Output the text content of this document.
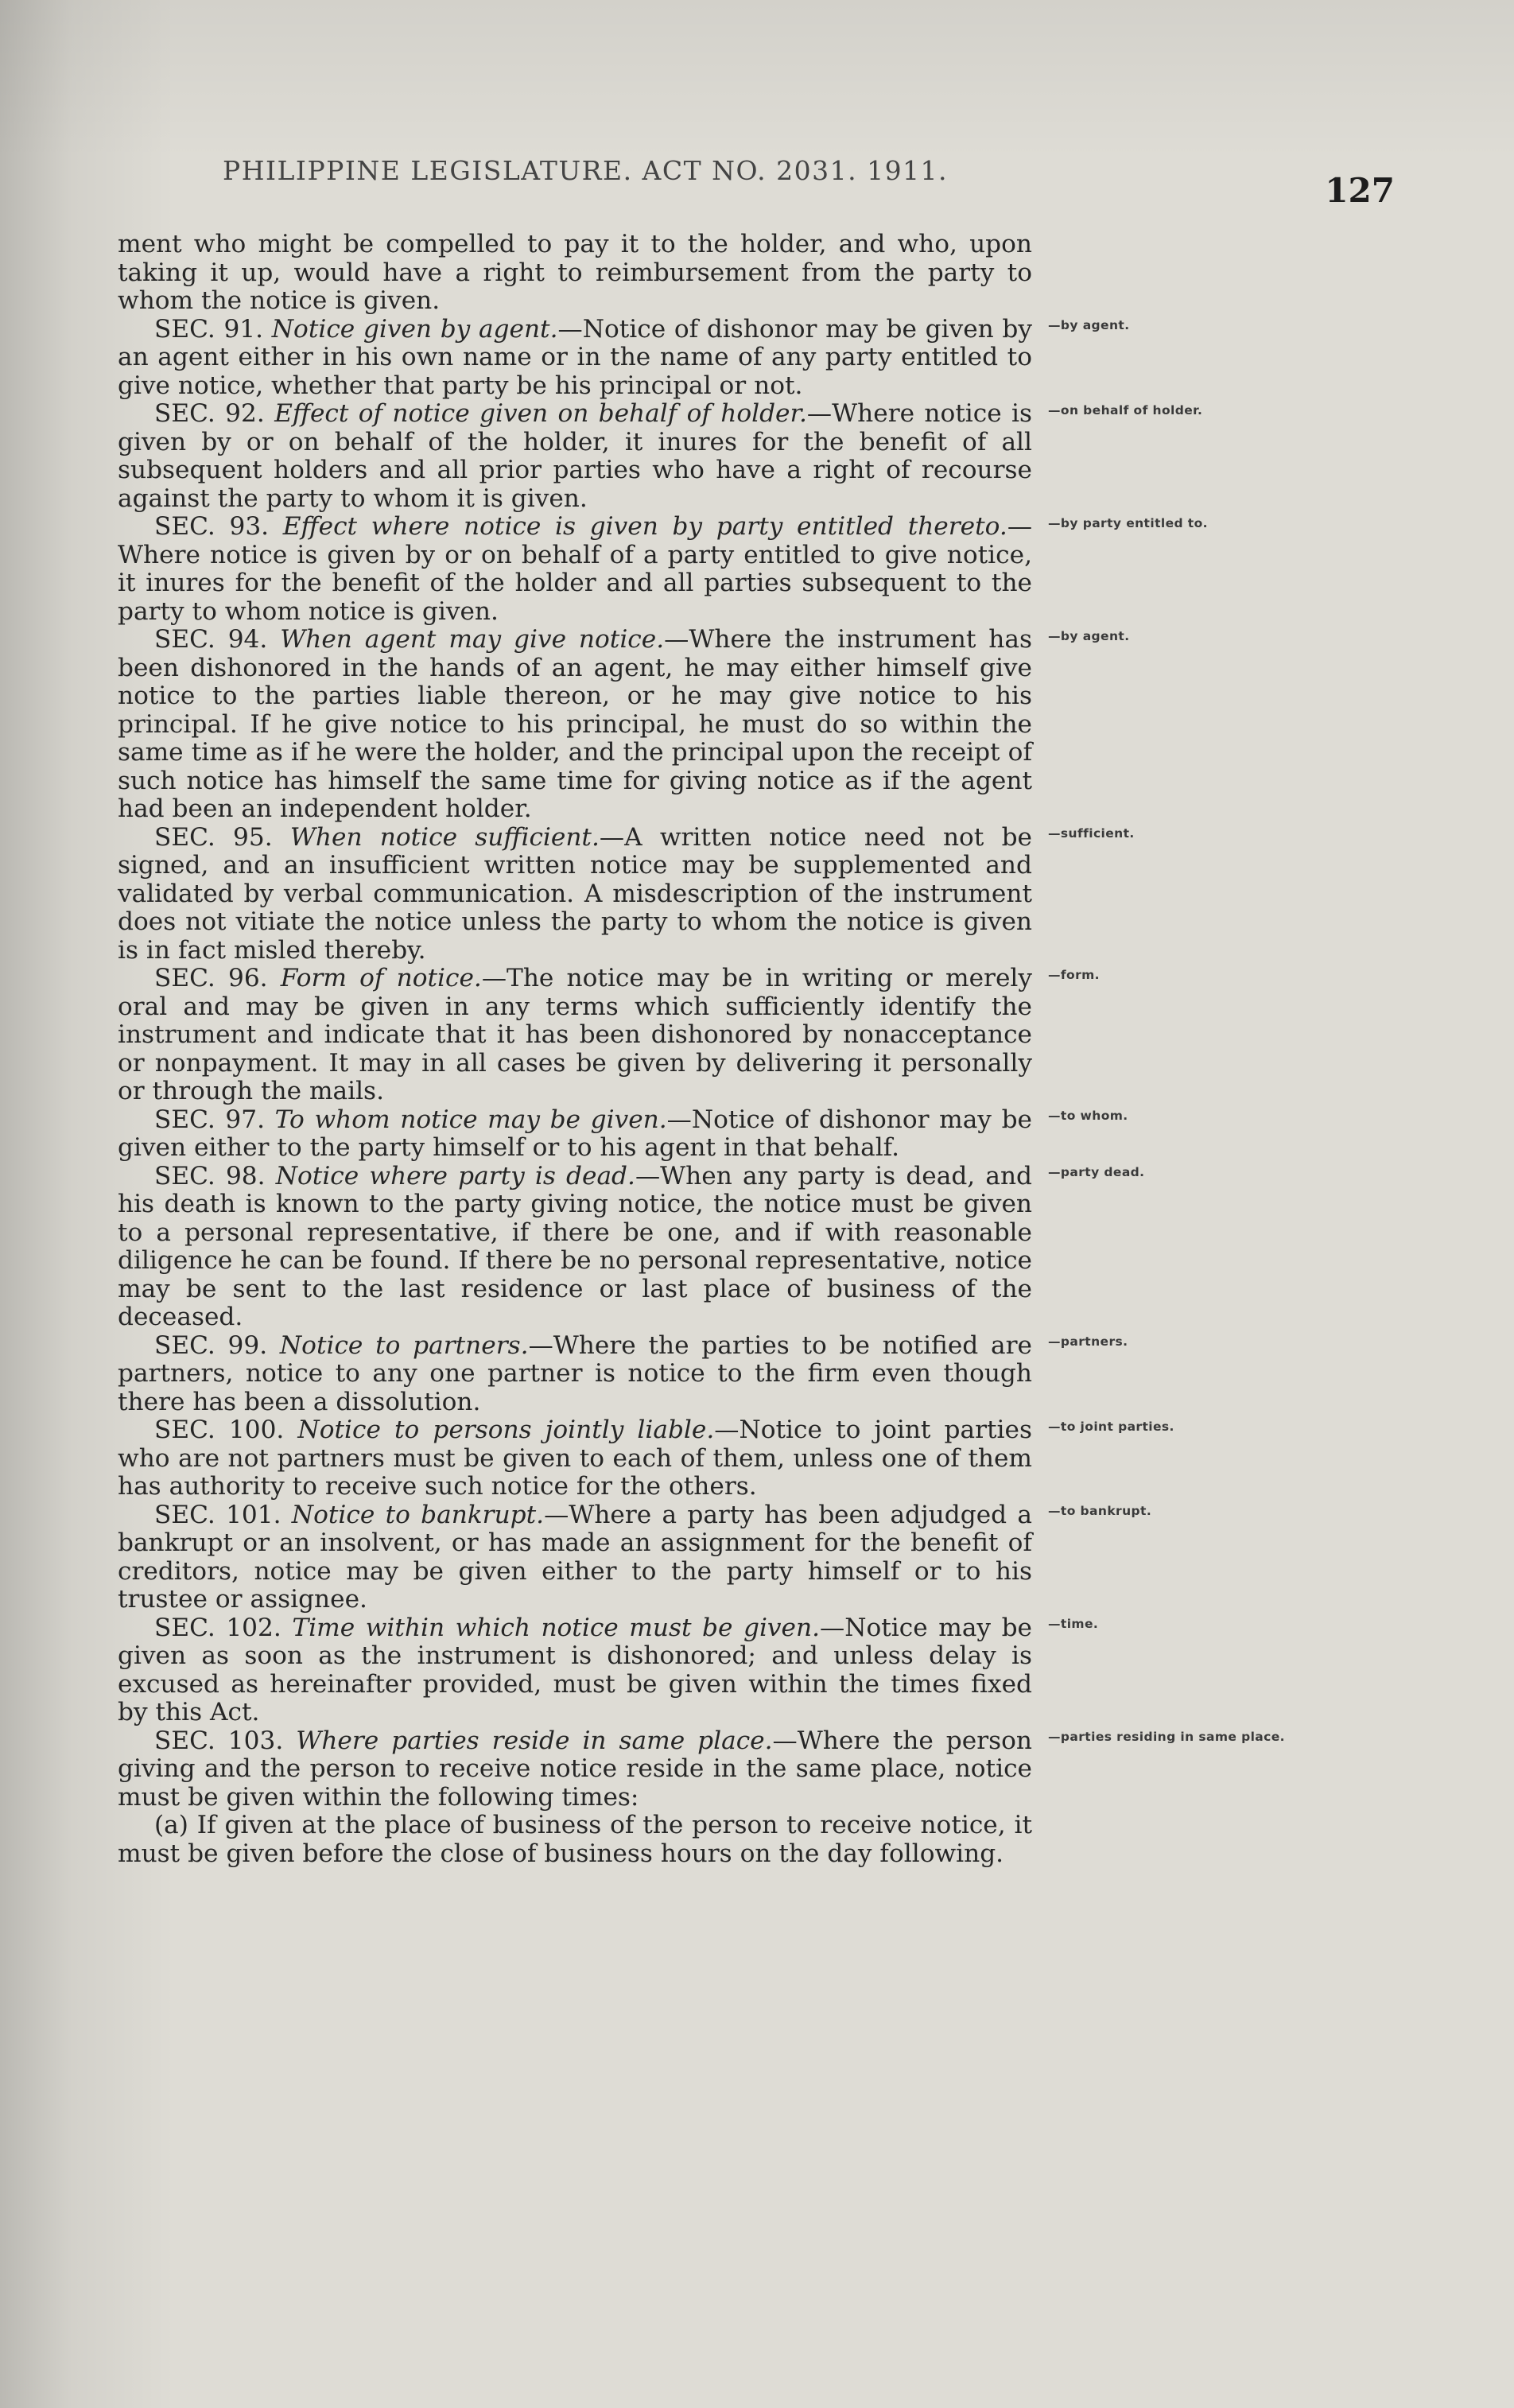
PHILIPPINE LEGISLATURE. ACT NO. 2031. 1911.
127

ment who might be compelled to pay it to the holder, and who, upon taking it up, would have a right to reimbursement from the party to whom the notice is given.

SEC. 91. Notice given by agent.—Notice of dishonor may be given by an agent either in his own name or in the name of any party entitled to give notice, whether that party be his principal or not.
—by agent.

SEC. 92. Effect of notice given on behalf of holder.—Where notice is given by or on behalf of the holder, it inures for the benefit of all subsequent holders and all prior parties who have a right of recourse against the party to whom it is given.
—on behalf of holder.

SEC. 93. Effect where notice is given by party entitled thereto.— Where notice is given by or on behalf of a party entitled to give notice, it inures for the benefit of the holder and all parties subsequent to the party to whom notice is given.
—by party entitled to.

SEC. 94. When agent may give notice.—Where the instrument has been dishonored in the hands of an agent, he may either himself give notice to the parties liable thereon, or he may give notice to his principal. If he give notice to his principal, he must do so within the same time as if he were the holder, and the principal upon the receipt of such notice has himself the same time for giving notice as if the agent had been an independent holder.
—by agent.

SEC. 95. When notice sufficient.—A written notice need not be signed, and an insufficient written notice may be supplemented and validated by verbal communication. A misdescription of the instrument does not vitiate the notice unless the party to whom the notice is given is in fact misled thereby.
—sufficient.

SEC. 96. Form of notice.—The notice may be in writing or merely oral and may be given in any terms which sufficiently identify the instrument and indicate that it has been dishonored by nonacceptance or nonpayment. It may in all cases be given by delivering it personally or through the mails.
—form.

SEC. 97. To whom notice may be given.—Notice of dishonor may be given either to the party himself or to his agent in that behalf.
—to whom.

SEC. 98. Notice where party is dead.—When any party is dead, and his death is known to the party giving notice, the notice must be given to a personal representative, if there be one, and if with reasonable diligence he can be found. If there be no personal representative, notice may be sent to the last residence or last place of business of the deceased.
—party dead.

SEC. 99. Notice to partners.—Where the parties to be notified are partners, notice to any one partner is notice to the firm even though there has been a dissolution.
—partners.

SEC. 100. Notice to persons jointly liable.—Notice to joint parties who are not partners must be given to each of them, unless one of them has authority to receive such notice for the others.
—to joint parties.

SEC. 101. Notice to bankrupt.—Where a party has been adjudged a bankrupt or an insolvent, or has made an assignment for the benefit of creditors, notice may be given either to the party himself or to his trustee or assignee.
—to bankrupt.

SEC. 102. Time within which notice must be given.—Notice may be given as soon as the instrument is dishonored; and unless delay is excused as hereinafter provided, must be given within the times fixed by this Act.
—time.

SEC. 103. Where parties reside in same place.—Where the person giving and the person to receive notice reside in the same place, notice must be given within the following times:
—parties residing in same place.

(a) If given at the place of business of the person to receive notice, it must be given before the close of business hours on the day following.
